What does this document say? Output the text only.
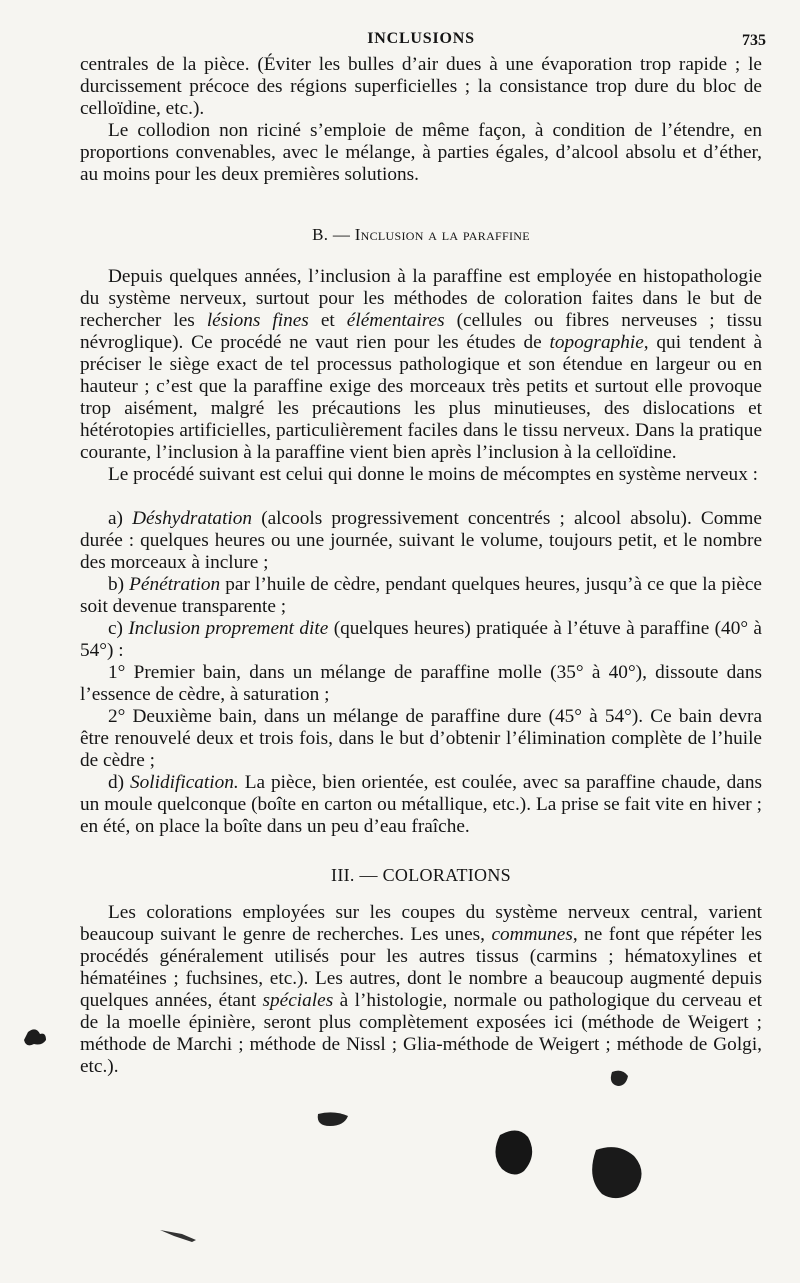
INCLUSIONS	735

centrales de la pièce. (Éviter les bulles d’air dues à une évaporation trop rapide ; le durcissement précoce des régions superficielles ; la consistance trop dure du bloc de celloïdine, etc.).

Le collodion non riciné s’emploie de même façon, à condition de l’étendre, en proportions convenables, avec le mélange, à parties égales, d’alcool absolu et d’éther, au moins pour les deux premières solutions.

B. — Inclusion a la paraffine

Depuis quelques années, l’inclusion à la paraffine est employée en histopathologie du système nerveux, surtout pour les méthodes de coloration faites dans le but de rechercher les lésions fines et élémentaires (cellules ou fibres nerveuses ; tissu névroglique). Ce procédé ne vaut rien pour les études de topographie, qui tendent à préciser le siège exact de tel processus pathologique et son étendue en largeur ou en hauteur ; c’est que la paraffine exige des morceaux très petits et surtout elle provoque trop aisément, malgré les précautions les plus minutieuses, des dislocations et hétérotopies artificielles, particulièrement faciles dans le tissu nerveux. Dans la pratique courante, l’inclusion à la paraffine vient bien après l’inclusion à la celloïdine.

Le procédé suivant est celui qui donne le moins de mécomptes en système nerveux :

a) Déshydratation (alcools progressivement concentrés ; alcool absolu). Comme durée : quelques heures ou une journée, suivant le volume, toujours petit, et le nombre des morceaux à inclure ;

b) Pénétration par l’huile de cèdre, pendant quelques heures, jusqu’à ce que la pièce soit devenue transparente ;

c) Inclusion proprement dite (quelques heures) pratiquée à l’étuve à paraffine (40° à 54°) :

1° Premier bain, dans un mélange de paraffine molle (35° à 40°), dissoute dans l’essence de cèdre, à saturation ;

2° Deuxième bain, dans un mélange de paraffine dure (45° à 54°). Ce bain devra être renouvelé deux et trois fois, dans le but d’obtenir l’élimination complète de l’huile de cèdre ;

d) Solidification. La pièce, bien orientée, est coulée, avec sa paraffine chaude, dans un moule quelconque (boîte en carton ou métallique, etc.). La prise se fait vite en hiver ; en été, on place la boîte dans un peu d’eau fraîche.

III. — COLORATIONS

Les colorations employées sur les coupes du système nerveux central, varient beaucoup suivant le genre de recherches. Les unes, communes, ne font que répéter les procédés généralement utilisés pour les autres tissus (carmins ; hématoxylines et hématéines ; fuchsines, etc.). Les autres, dont le nombre a beaucoup augmenté depuis quelques années, étant spéciales à l’histologie, normale ou pathologique du cerveau et de la moelle épinière, seront plus complètement exposées ici (méthode de Weigert ; méthode de Marchi ; méthode de Nissl ; Glia-méthode de Weigert ; méthode de Golgi, etc.).
